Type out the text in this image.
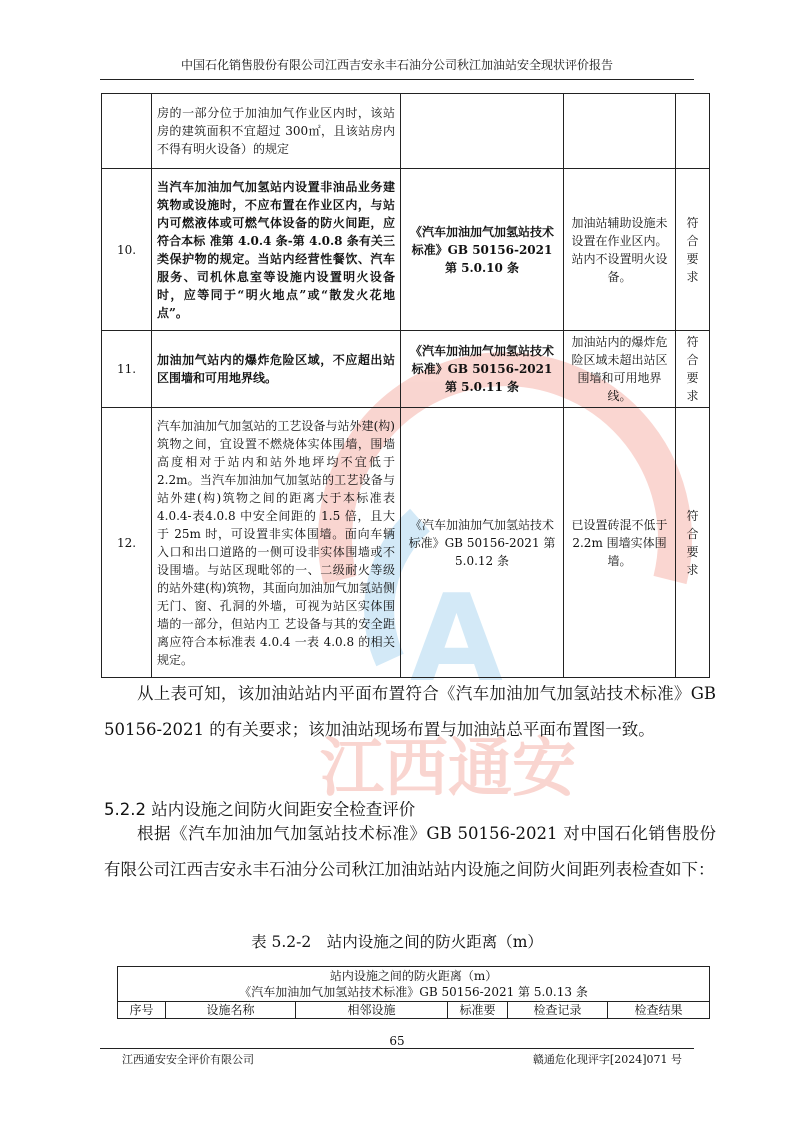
中国石化销售股份有限公司江西吉安永丰石油分公司秋江加油站安全现状评价报告
A
江西通安
	房的一部分位于加油加气作业区内时，该站房的建筑面积不宜超过 300㎡，且该站房内不得有明火设备）的规定			
10.	当汽车加油加气加氢站内设置非油品业务建筑物或设施时，不应布置在作业区内，与站内可燃液体或可燃气体设备的防火间距，应符合本标 准第 4.0.4 条-第 4.0.8 条有关三类保护物的规定。当站内经营性餐饮、汽车服务、司机休息室等设施内设置明火设备时，应等同于“明火地点”或“散发火花地点”。	《汽车加油加气加氢站技术标准》GB 50156-2021 第 5.0.10 条	加油站辅助设施未设置在作业区内。站内不设置明火设备。	符合要求
11.	加油加气站内的爆炸危险区域，不应超出站区围墙和可用地界线。	《汽车加油加气加氢站技术标准》GB 50156-2021 第 5.0.11 条	加油站内的爆炸危险区域未超出站区围墙和可用地界线。	符合要求
12.	汽车加油加气加氢站的工艺设备与站外建(构)筑物之间，宜设置不燃烧体实体围墙，围墙高度相对于站内和站外地坪均不宜低于 2.2m。当汽车加油加气加氢站的工艺设备与站外建(构)筑物之间的距离大于本标准表 4.0.4-表4.0.8 中安全间距的 1.5 倍，且大于 25m 时，可设置非实体围墙。面向车辆入口和出口道路的一侧可设非实体围墙或不设围墙。与站区现毗邻的一、二级耐火等级的站外建(构)筑物，其面向加油加气加氢站侧无门、窗、孔洞的外墙，可视为站区实体围墙的一部分，但站内工 艺设备与其的安全距离应符合本标准表 4.0.4 一表 4.0.8 的相关规定。	《汽车加油加气加氢站技术标准》GB 50156-2021 第 5.0.12 条	已设置砖混不低于 2.2m 围墙实体围墙。	符合要求
从上表可知，该加油站站内平面布置符合《汽车加油加气加氢站技术标准》GB 50156-2021 的有关要求；该加油站现场布置与加油站总平面布置图一致。
5.2.2 站内设施之间防火间距安全检查评价
根据《汽车加油加气加氢站技术标准》GB 50156-2021 对中国石化销售股份有限公司江西吉安永丰石油分公司秋江加油站站内设施之间防火间距列表检查如下：
表 5.2-2　站内设施之间的防火距离（m）
站内设施之间的防火距离（m）
《汽车加油加气加氢站技术标准》GB 50156-2021 第 5.0.13 条

序号	设施名称	相邻设施	标准要	检查记录	检查结果
65
江西通安安全评价有限公司	赣通危化现评字[2024]071 号
